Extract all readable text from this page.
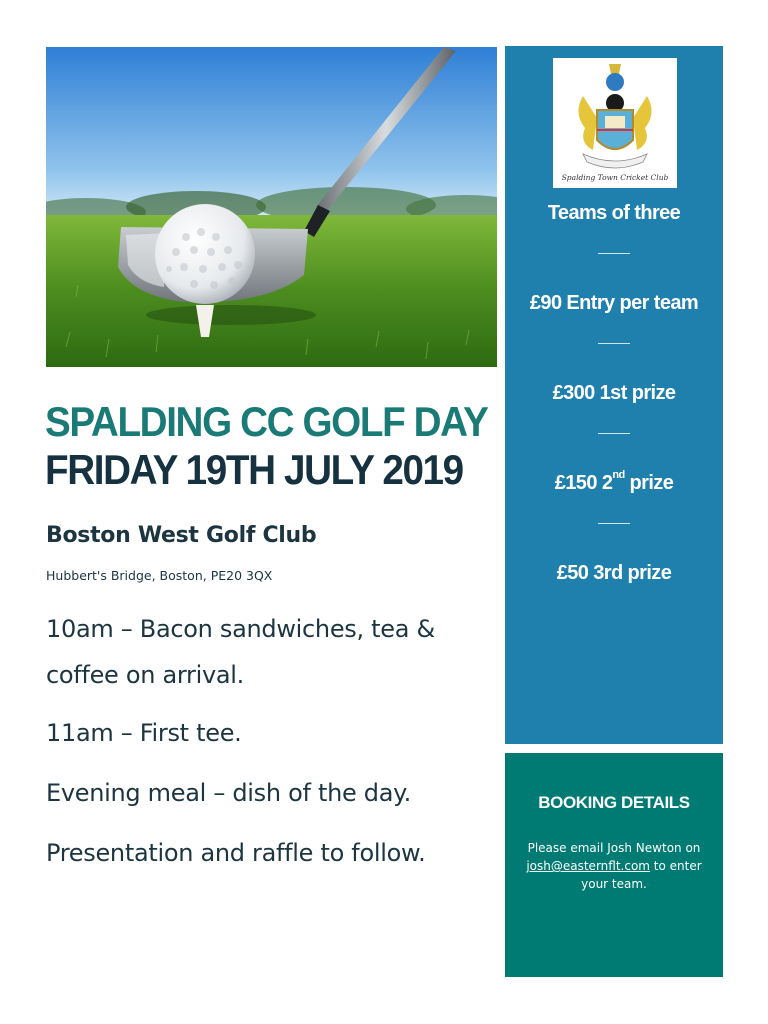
SPALDING CC GOLF DAY
FRIDAY 19TH JULY 2019
Boston West Golf Club
Hubbert's Bridge, Boston, PE20 3QX

10am – Bacon sandwiches, tea & coffee on arrival.

11am – First tee.

Evening meal – dish of the day.

Presentation and raffle to follow.

Spalding Town Cricket Club
Teams of three
£90 Entry per team
£300 1st prize
£150 2nd prize
£50 3rd prize
BOOKING DETAILS
Please email Josh Newton on josh@easternflt.com to enter your team.
